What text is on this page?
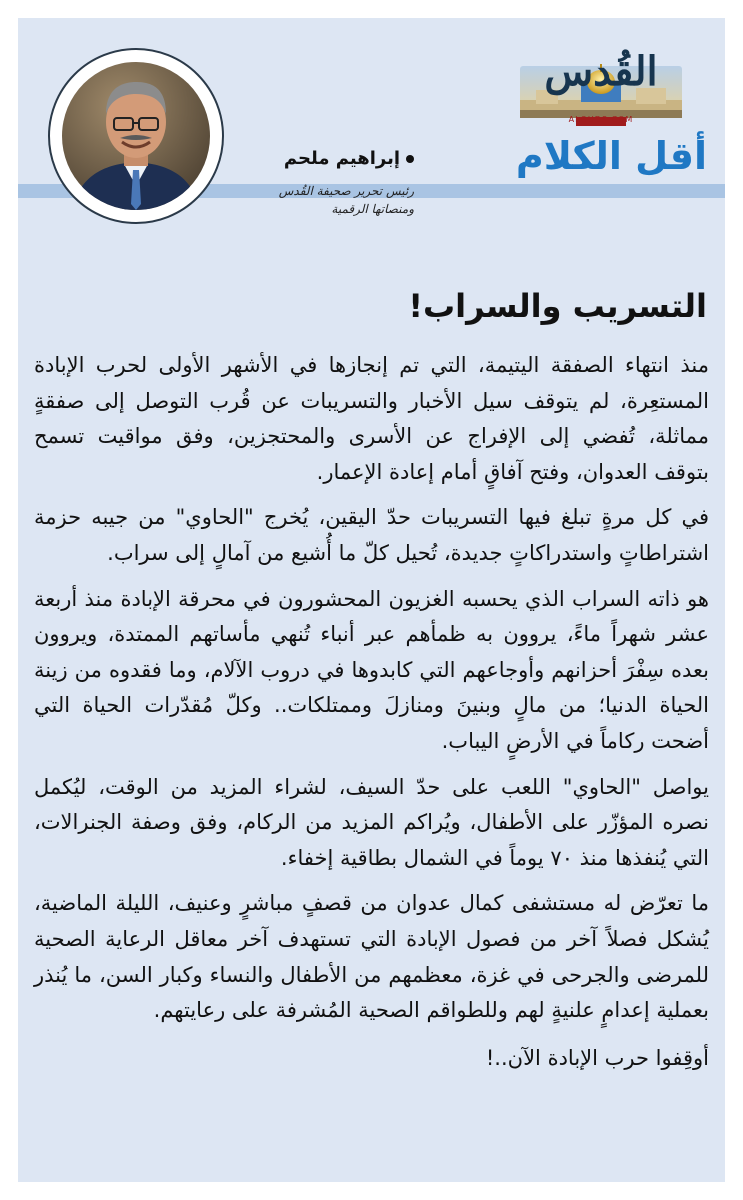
القُدس
ALQUDS.COM
أقل الكلام
إبراهيم ملحم
رئيس تحرير صحيفة القُدس
ومنصاتها الرقمية
التسريب والسراب!

منذ انتهاء الصفقة اليتيمة، التي تم إنجازها في الأشهر الأولى لحرب الإبادة المستعِرة، لم يتوقف سيل الأخبار والتسريبات عن قُرب التوصل إلى صفقةٍ مماثلة، تُفضي إلى الإفراج عن الأسرى والمحتجزين، وفق مواقيت تسمح بتوقف العدوان، وفتح آفاقٍ أمام إعادة الإعمار.

في كل مرةٍ تبلغ فيها التسريبات حدّ اليقين، يُخرج "الحاوي" من جيبه حزمة اشتراطاتٍ واستدراكاتٍ جديدة، تُحيل كلّ ما أُشيع من آمالٍ إلى سراب.

هو ذاته السراب الذي يحسبه الغزيون المحشورون في محرقة الإبادة منذ أربعة عشر شهراً ماءً، يروون به ظمأهم عبر أنباء تُنهي مأساتهم الممتدة، ويروون بعده سِفْرَ أحزانهم وأوجاعهم التي كابدوها في دروب الآلام، وما فقدوه من زينة الحياة الدنيا؛ من مالٍ وبنينَ ومنازلَ وممتلكات.. وكلّ مُقدّرات الحياة التي أضحت ركاماً في الأرضٍ اليباب.

يواصل "الحاوي" اللعب على حدّ السيف، لشراء المزيد من الوقت، ليُكمل نصره المؤزّر على الأطفال، ويُراكم المزيد من الركام، وفق وصفة الجنرالات، التي يُنفذها منذ ٧٠ يوماً في الشمال بطاقية إخفاء.

ما تعرّض له مستشفى كمال عدوان من قصفٍ مباشرٍ وعنيف، الليلة الماضية، يُشكل فصلاً آخر من فصول الإبادة التي تستهدف آخر معاقل الرعاية الصحية للمرضى والجرحى في غزة، معظمهم من الأطفال والنساء وكبار السن، ما يُنذر بعملية إعدامٍ علنيةٍ لهم وللطواقم الصحية المُشرفة على رعايتهم.

أوقِفوا حرب الإبادة الآن..!
